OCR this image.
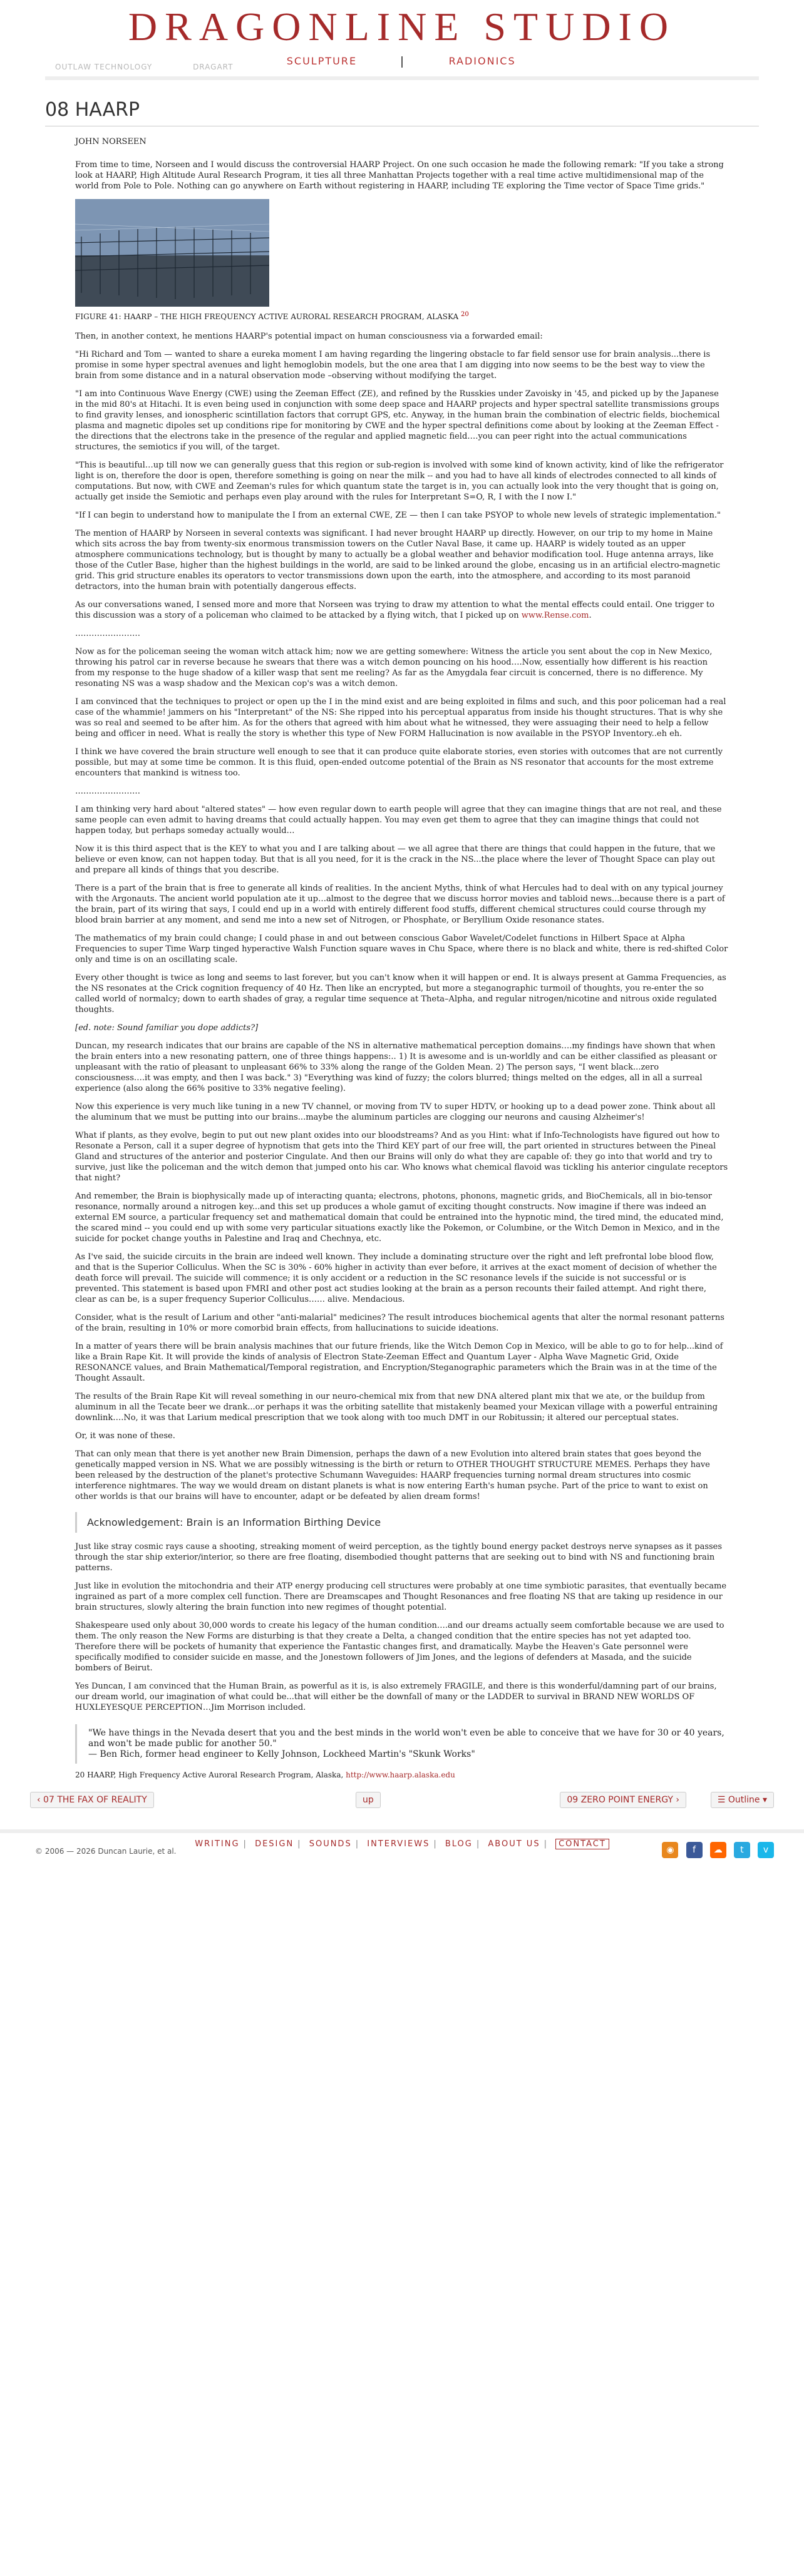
DRAGONLINE STUDIO
OUTLAW TECHNOLOGY	DRAGART	SCULPTURE	RADIONICS
08 HAARP

JOHN NORSEEN

From time to time, Norseen and I would discuss the controversial HAARP Project. On one such occasion he made the following remark: "If you take a strong look at HAARP, High Altitude Aural Research Program, it ties all three Manhattan Projects together with a real time active multidimensional map of the world from Pole to Pole. Nothing can go anywhere on Earth without registering in HAARP, including TE exploring the Time vector of Space Time grids."

FIGURE 41: HAARP – THE HIGH FREQUENCY ACTIVE AURORAL RESEARCH PROGRAM, ALASKA $^{20}$

Then, in another context, he mentions HAARP's potential impact on human consciousness via a forwarded email:

"Hi Richard and Tom — wanted to share a eureka moment I am having regarding the lingering obstacle to far field sensor use for brain analysis...there is promise in some hyper spectral avenues and light hemoglobin models, but the one area that I am digging into now seems to be the best way to view the brain from some distance and in a natural observation mode –observing without modifying the target.

"I am into Continuous Wave Energy (CWE) using the Zeeman Effect (ZE), and refined by the Russkies under Zavoisky in '45, and picked up by the Japanese in the mid 80's at Hitachi. It is even being used in conjunction with some deep space and HAARP projects and hyper spectral satellite transmissions groups to find gravity lenses, and ionospheric scintillation factors that corrupt GPS, etc. Anyway, in the human brain the combination of electric fields, biochemical plasma and magnetic dipoles set up conditions ripe for monitoring by CWE and the hyper spectral definitions come about by looking at the Zeeman Effect - the directions that the electrons take in the presence of the regular and applied magnetic field….you can peer right into the actual communications structures, the semiotics if you will, of the target.

"This is beautiful…up till now we can generally guess that this region or sub-region is involved with some kind of known activity, kind of like the refrigerator light is on, therefore the door is open, therefore something is going on near the milk -- and you had to have all kinds of electrodes connected to all kinds of computations. But now, with CWE and Zeeman's rules for which quantum state the target is in, you can actually look into the very thought that is going on, actually get inside the Semiotic and perhaps even play around with the rules for Interpretant S=O, R, I with the I now I."

"If I can begin to understand how to manipulate the I from an external CWE, ZE — then I can take PSYOP to whole new levels of strategic implementation."

The mention of HAARP by Norseen in several contexts was significant. I had never brought HAARP up directly. However, on our trip to my home in Maine which sits across the bay from twenty-six enormous transmission towers on the Cutler Naval Base, it came up. HAARP is widely touted as an upper atmosphere communications technology, but is thought by many to actually be a global weather and behavior modification tool. Huge antenna arrays, like those of the Cutler Base, higher than the highest buildings in the world, are said to be linked around the globe, encasing us in an artificial electro-magnetic grid. This grid structure enables its operators to vector transmissions down upon the earth, into the atmosphere, and according to its most paranoid detractors, into the human brain with potentially dangerous effects.

As our conversations waned, I sensed more and more that Norseen was trying to draw my attention to what the mental effects could entail. One trigger to this discussion was a story of a policeman who claimed to be attacked by a flying witch, that I picked up on www.Rense.com.

……………………

Now as for the policeman seeing the woman witch attack him; now we are getting somewhere: Witness the article you sent about the cop in New Mexico, throwing his patrol car in reverse because he swears that there was a witch demon pouncing on his hood….Now, essentially how different is his reaction from my response to the huge shadow of a killer wasp that sent me reeling? As far as the Amygdala fear circuit is concerned, there is no difference. My resonating NS was a wasp shadow and the Mexican cop's was a witch demon.

I am convinced that the techniques to project or open up the I in the mind exist and are being exploited in films and such, and this poor policeman had a real case of the whammie! jammers on his "Interpretant" of the NS: She ripped into his perceptual apparatus from inside his thought structures. That is why she was so real and seemed to be after him. As for the others that agreed with him about what he witnessed, they were assuaging their need to help a fellow being and officer in need. What is really the story is whether this type of New FORM Hallucination is now available in the PSYOP Inventory..eh eh.

I think we have covered the brain structure well enough to see that it can produce quite elaborate stories, even stories with outcomes that are not currently possible, but may at some time be common. It is this fluid, open-ended outcome potential of the Brain as NS resonator that accounts for the most extreme encounters that mankind is witness too.

……………………

I am thinking very hard about "altered states" — how even regular down to earth people will agree that they can imagine things that are not real, and these same people can even admit to having dreams that could actually happen. You may even get them to agree that they can imagine things that could not happen today, but perhaps someday actually would…

Now it is this third aspect that is the KEY to what you and I are talking about — we all agree that there are things that could happen in the future, that we believe or even know, can not happen today. But that is all you need, for it is the crack in the NS...the place where the lever of Thought Space can play out and prepare all kinds of things that you describe.

There is a part of the brain that is free to generate all kinds of realities. In the ancient Myths, think of what Hercules had to deal with on any typical journey with the Argonauts. The ancient world population ate it up…almost to the degree that we discuss horror movies and tabloid news...because there is a part of the brain, part of its wiring that says, I could end up in a world with entirely different food stuffs, different chemical structures could course through my blood brain barrier at any moment, and send me into a new set of Nitrogen, or Phosphate, or Beryllium Oxide resonance states.

The mathematics of my brain could change; I could phase in and out between conscious Gabor Wavelet/Codelet functions in Hilbert Space at Alpha Frequencies to super Time Warp tinged hyperactive Walsh Function square waves in Chu Space, where there is no black and white, there is red-shifted Color only and time is on an oscillating scale.

Every other thought is twice as long and seems to last forever, but you can't know when it will happen or end. It is always present at Gamma Frequencies, as the NS resonates at the Crick cognition frequency of 40 Hz. Then like an encrypted, but more a steganographic turmoil of thoughts, you re-enter the so called world of normalcy; down to earth shades of gray, a regular time sequence at Theta–Alpha, and regular nitrogen/nicotine and nitrous oxide regulated thoughts.

[ed. note: Sound familiar you dope addicts?]

Duncan, my research indicates that our brains are capable of the NS in alternative mathematical perception domains….my findings have shown that when the brain enters into a new resonating pattern, one of three things happens:.. 1) It is awesome and is un-worldly and can be either classified as pleasant or unpleasant with the ratio of pleasant to unpleasant 66% to 33% along the range of the Golden Mean. 2) The person says, "I went black...zero consciousness….it was empty, and then I was back." 3) "Everything was kind of fuzzy; the colors blurred; things melted on the edges, all in all a surreal experience (also along the 66% positive to 33% negative feeling).

Now this experience is very much like tuning in a new TV channel, or moving from TV to super HDTV, or hooking up to a dead power zone. Think about all the aluminum that we must be putting into our brains...maybe the aluminum particles are clogging our neurons and causing Alzheimer's!

What if plants, as they evolve, begin to put out new plant oxides into our bloodstreams? And as you Hint: what if Info-Technologists have figured out how to Resonate a Person, call it a super degree of hypnotism that gets into the Third KEY part of our free will, the part oriented in structures between the Pineal Gland and structures of the anterior and posterior Cingulate. And then our Brains will only do what they are capable of: they go into that world and try to survive, just like the policeman and the witch demon that jumped onto his car. Who knows what chemical flavoid was tickling his anterior cingulate receptors that night?

And remember, the Brain is biophysically made up of interacting quanta; electrons, photons, phonons, magnetic grids, and BioChemicals, all in bio-tensor resonance, normally around a nitrogen key...and this set up produces a whole gamut of exciting thought constructs. Now imagine if there was indeed an external EM source, a particular frequency set and mathematical domain that could be entrained into the hypnotic mind, the tired mind, the educated mind, the scared mind -- you could end up with some very particular situations exactly like the Pokemon, or Columbine, or the Witch Demon in Mexico, and in the suicide for pocket change youths in Palestine and Iraq and Chechnya, etc.

As I've said, the suicide circuits in the brain are indeed well known. They include a dominating structure over the right and left prefrontal lobe blood flow, and that is the Superior Colliculus. When the SC is 30% - 60% higher in activity than ever before, it arrives at the exact moment of decision of whether the death force will prevail. The suicide will commence; it is only accident or a reduction in the SC resonance levels if the suicide is not successful or is prevented. This statement is based upon FMRI and other post act studies looking at the brain as a person recounts their failed attempt. And right there, clear as can be, is a super frequency Superior Colliculus…… alive. Mendacious.

Consider, what is the result of Larium and other "anti-malarial" medicines? The result introduces biochemical agents that alter the normal resonant patterns of the brain, resulting in 10% or more comorbid brain effects, from hallucinations to suicide ideations.

In a matter of years there will be brain analysis machines that our future friends, like the Witch Demon Cop in Mexico, will be able to go to for help...kind of like a Brain Rape Kit. It will provide the kinds of analysis of Electron State-Zeeman Effect and Quantum Layer - Alpha Wave Magnetic Grid, Oxide RESONANCE values, and Brain Mathematical/Temporal registration, and Encryption/Steganographic parameters which the Brain was in at the time of the Thought Assault.

The results of the Brain Rape Kit will reveal something in our neuro-chemical mix from that new DNA altered plant mix that we ate, or the buildup from aluminum in all the Tecate beer we drank...or perhaps it was the orbiting satellite that mistakenly beamed your Mexican village with a powerful entraining downlink….No, it was that Larium medical prescription that we took along with too much DMT in our Robitussin; it altered our perceptual states.

Or, it was none of these.

That can only mean that there is yet another new Brain Dimension, perhaps the dawn of a new Evolution into altered brain states that goes beyond the genetically mapped version in NS. What we are possibly witnessing is the birth or return to OTHER THOUGHT STRUCTURE MEMES. Perhaps they have been released by the destruction of the planet's protective Schumann Waveguides: HAARP frequencies turning normal dream structures into cosmic interference nightmares. The way we would dream on distant planets is what is now entering Earth's human psyche. Part of the price to want to exist on other worlds is that our brains will have to encounter, adapt or be defeated by alien dream forms!

Acknowledgement: Brain is an Information Birthing Device

Just like stray cosmic rays cause a shooting, streaking moment of weird perception, as the tightly bound energy packet destroys nerve synapses as it passes through the star ship exterior/interior, so there are free floating, disembodied thought patterns that are seeking out to bind with NS and functioning brain patterns.

Just like in evolution the mitochondria and their ATP energy producing cell structures were probably at one time symbiotic parasites, that eventually became ingrained as part of a more complex cell function. There are Dreamscapes and Thought Resonances and free floating NS that are taking up residence in our brain structures, slowly altering the brain function into new regimes of thought potential.

Shakespeare used only about 30,000 words to create his legacy of the human condition….and our dreams actually seem comfortable because we are used to them. The only reason the New Forms are disturbing is that they create a Delta, a changed condition that the entire species has not yet adapted too. Therefore there will be pockets of humanity that experience the Fantastic changes first, and dramatically. Maybe the Heaven's Gate personnel were specifically modified to consider suicide en masse, and the Jonestown followers of Jim Jones, and the legions of defenders at Masada, and the suicide bombers of Beirut.

Yes Duncan, I am convinced that the Human Brain, as powerful as it is, is also extremely FRAGILE, and there is this wonderful/damning part of our brains, our dream world, our imagination of what could be...that will either be the downfall of many or the LADDER to survival in BRAND NEW WORLDS OF HUXLEYESQUE PERCEPTION…Jim Morrison included.

"We have things in the Nevada desert that you and the best minds in the world won't even be able to conceive that we have for 30 or 40 years, and won't be made public for another 50."
— Ben Rich, former head engineer to Kelly Johnson, Lockheed Martin's "Skunk Works"

20 HAARP, High Frequency Active Auroral Research Program, Alaska, http://www.haarp.alaska.edu

‹ 07 THE FAX OF REALITY	up	09 ZERO POINT ENERGY ›	☰ Outline ▾
WRITING | DESIGN | SOUNDS | INTERVIEWS | BLOG | ABOUT US | CONTACT
© 2006 — 2026 Duncan Laurie, et al.	◉ f ☁ t v
